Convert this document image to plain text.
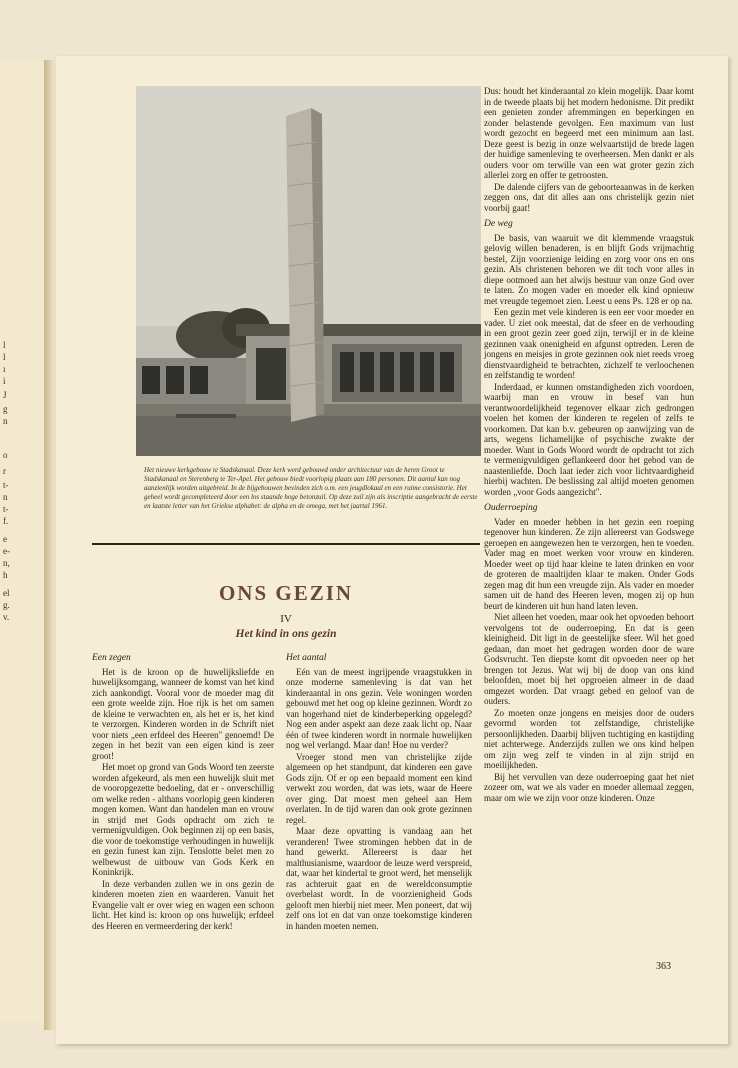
l
l
ı
i
J
g
n
o
r
t-
n
t-
f.
e
e-
n,
h
el
g.
v.
Het nieuwe kerkgebouw te Stadskanaal. Deze kerk werd gebouwd onder architectuur van de heren Groot te Stadskanaal en Sterenberg te Ter-Apel. Het gebouw biedt voorlopig plaats aan 180 personen. Dit aantal kan nog aanzienlijk worden uitgebreid. In de bijgebouwen bevinden zich o.m. een jeugdlokaal en een ruime consistorie. Het geheel wordt gecompleteerd door een los staande hoge betonzuil. Op deze zuil zijn als inscriptie aangebracht de eerste en laatste letter van het Griekse alphabet: de alpha en de omega, met het jaartal 1961.
ONS GEZIN
IV
Het kind in ons gezin
Een zegen

Het is de kroon op de huwelijksliefde en huwelijksomgang, wanneer de komst van het kind zich aankondigt. Vooral voor de moeder mag dit een grote weelde zijn. Hoe rijk is het om samen de kleine te verwachten en, als het er is, het kind te verzorgen. Kinderen worden in de Schrift niet voor niets „een erfdeel des Heeren" genoemd! De zegen in het bezit van een eigen kind is zeer groot!

Het moet op grond van Gods Woord ten zeerste worden afgekeurd, als men een huwelijk sluit met de vooropgezette bedoeling, dat er - onverschillig om welke reden - althans voorlopig geen kinderen mogen komen. Want dan handelen man en vrouw in strijd met Gods opdracht om zich te vermenigvuldigen. Ook beginnen zij op een basis, die voor de toekomstige verhoudingen in huwelijk en gezin funest kan zijn. Tenslotte belet men zo welbewust de uitbouw van Gods Kerk en Koninkrijk.

In deze verbanden zullen we in ons gezin de kinderen moeten zien en waarderen. Vanuit het Evangelie valt er over wieg en wagen een schoon licht. Het kind is: kroon op ons huwelijk; erfdeel des Heeren en vermeerdering der kerk!

Het aantal

Eén van de meest ingrijpende vraagstukken in onze moderne samenleving is dat van het kinderaantal in ons gezin. Vele woningen worden gebouwd met het oog op kleine gezinnen. Wordt zo van hogerhand niet de kinderbeperking opgelegd? Nog een ander aspekt aan deze zaak licht op. Naar één of twee kinderen wordt in normale huwelijken nog wel verlangd. Maar dan! Hoe nu verder?

Vroeger stond men van christelijke zijde algemeen op het standpunt, dat kinderen een gave Gods zijn. Of er op een bepaald moment een kind verwekt zou worden, dat was iets, waar de Heere over ging. Dat moest men geheel aan Hem overlaten. In de tijd waren dan ook grote gezinnen regel.

Maar deze opvatting is vandaag aan het veranderen! Twee stromingen hebben dat in de hand gewerkt. Allereerst is daar het malthusianisme, waardoor de leuze werd verspreid, dat, waar het kindertal te groot werd, het menselijk ras achteruit gaat en de wereldconsumptie overbelast wordt. In de voorzienigheid Gods gelooft men hierbij niet meer. Men poneert, dat wij zelf ons lot en dat van onze toekomstige kinderen in handen moeten nemen.

Dus: houdt het kinderaantal zo klein mogelijk. Daar komt in de tweede plaats bij het modern hedonisme. Dit predikt een genieten zonder afremmingen en beperkingen en zonder belastende gevolgen. Een maximum van lust wordt gezocht en begeerd met een minimum aan last. Deze geest is bezig in onze welvaartstijd de brede lagen der huidige samenleving te overheersen. Men dankt er als ouders voor om terwille van een wat groter gezin zich allerlei zorg en offer te getroosten.

De dalende cijfers van de geboorteaanwas in de kerken zeggen ons, dat dit alles aan ons christelijk gezin niet voorbij gaat!

De weg

De basis, van waaruit we dit klemmende vraagstuk gelovig willen benaderen, is en blijft Gods vrijmachtig bestel, Zijn voorzienige leiding en zorg voor ons en ons gezin. Als christenen behoren we dit toch voor alles in diepe ootmoed aan het alwijs bestuur van onze God over te laten. Zo mogen vader en moeder elk kind opnieuw met vreugde tegemoet zien. Leest u eens Ps. 128 er op na.

Een gezin met vele kinderen is een eer voor moeder en vader. U ziet ook meestal, dat de sfeer en de verhouding in een groot gezin zeer goed zijn, terwijl er in de kleine gezinnen vaak onenigheid en afgunst optreden. Leren de jongens en meisjes in grote gezinnen ook niet reeds vroeg dienstvaardigheid te betrachten, zichzelf te verloochenen en zelfstandig te worden!

Inderdaad, er kunnen omstandigheden zich voordoen, waarbij man en vrouw in besef van hun verantwoordelijkheid tegenover elkaar zich gedrongen voelen het komen der kinderen te regelen of zelfs te voorkomen. Dat kan b.v. gebeuren op aanwijzing van de arts, wegens lichamelijke of psychische zwakte der moeder. Want in Gods Woord wordt de opdracht tot zich te vermenigvuldigen geflankeerd door het gebod van de naastenliefde. Doch laat ieder zich voor lichtvaardigheid hierbij wachten. De beslissing zal altijd moeten genomen worden „voor Gods aangezicht".

Ouderroeping

Vader en moeder hebben in het gezin een roeping tegenover hun kinderen. Ze zijn allereerst van Godswege geroepen en aangewezen hen te verzorgen, hen te voeden. Vader mag en moet werken voor vrouw en kinderen. Moeder weet op tijd haar kleine te laten drinken en voor de groteren de maaltijden klaar te maken. Onder Gods zegen mag dit hun een vreugde zijn. Als vader en moeder samen uit de hand des Heeren leven, mogen zij op hun beurt de kinderen uit hun hand laten leven.

Niet alleen het voeden, maar ook het opvoeden behoort vervolgens tot de ouderroeping. En dat is geen kleinigheid. Dit ligt in de geestelijke sfeer. Wil het goed gedaan, dan moet het gedragen worden door de ware Godsvrucht. Ten diepste komt dit opvoeden neer op het brengen tot Jezus. Wat wij bij de doop van ons kind beloofden, moet bij het opgroeien almeer in de daad omgezet worden. Dat vraagt gebed en geloof van de ouders.

Zo moeten onze jongens en meisjes door de ouders gevormd worden tot zelfstandige, christelijke persoonlijkheden. Daarbij blijven tuchtiging en kastijding niet achterwege. Anderzijds zullen we ons kind helpen om zijn weg zelf te vinden in al zijn strijd en moeilijkheden.

Bij het vervullen van deze ouderroeping gaat het niet zozeer om, wat we als vader en moeder allemaal zeggen, maar om wie we zijn voor onze kinderen. Onze

363
